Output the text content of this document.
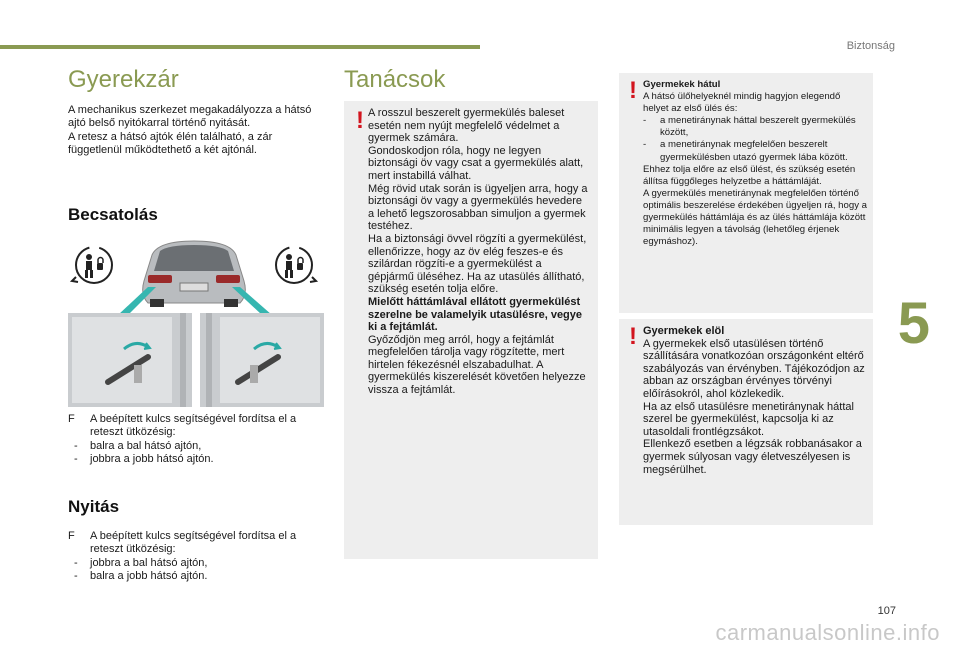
Biztonság
Gyerekzár

A mechanikus szerkezet megakadályozza a hátsó ajtó belső nyitókarral történő nyitását.

A retesz a hátsó ajtók élén található, a zár függetlenül működtethető a két ajtónál.

Becsatolás
F A beépített kulcs segítségével fordítsa el a reteszt ütközésig:
- balra a bal hátsó ajtón,
- jobbra a jobb hátsó ajtón.
Nyitás
F A beépített kulcs segítségével fordítsa el a reteszt ütközésig:
- jobbra a bal hátsó ajtón,
- balra a jobb hátsó ajtón.
Tanácsok
! A rosszul beszerelt gyermekülés baleset esetén nem nyújt megfelelő védelmet a gyermek számára.
Gondoskodjon róla, hogy ne legyen biztonsági öv vagy csat a gyermekülés alatt, mert instabillá válhat.
Még rövid utak során is ügyeljen arra, hogy a biztonsági öv vagy a gyermekülés hevedere a lehető legszorosabban simuljon a gyermek testéhez.
Ha a biztonsági övvel rögzíti a gyermekülést, ellenőrizze, hogy az öv elég feszes-e és szilárdan rögzíti-e a gyermekülést a gépjármű üléséhez. Ha az utasülés állítható, szükség esetén tolja előre.
Mielőtt háttámlával ellátott gyermekülést szerelne be valamelyik utasülésre, vegye ki a fejtámlát.
Győződjön meg arról, hogy a fejtámlát megfelelően tárolja vagy rögzítette, mert hirtelen fékezésnél elszabadulhat. A gyermekülés kiszerelését követően helyezze vissza a fejtámlát.
! Gyermekek hátul
A hátsó ülőhelyeknél mindig hagyjon elegendő helyet az első ülés és:
- a menetiránynak háttal beszerelt gyermekülés között,
- a menetiránynak megfelelően beszerelt gyermekülésben utazó gyermek lába között.
Ehhez tolja előre az első ülést, és szükség esetén állítsa függőleges helyzetbe a háttámláját.
A gyermekülés menetiránynak megfelelően történő optimális beszerelése érdekében ügyeljen rá, hogy a gyermekülés háttámlája és az ülés háttámlája között minimális legyen a távolság (lehetőleg érjenek egymáshoz).
! Gyermekek elöl
A gyermekek első utasülésen történő szállítására vonatkozóan országonként eltérő szabályozás van érvényben. Tájékozódjon az abban az országban érvényes törvényi előírásokról, ahol közlekedik.
Ha az első utasülésre menetiránynak háttal szerel be gyermekülést, kapcsolja ki az utasoldali frontlégzsákot.
Ellenkező esetben a légzsák robbanásakor a gyermek súlyosan vagy életveszélyesen is megsérülhet.
5
107
carmanualsonline.info
